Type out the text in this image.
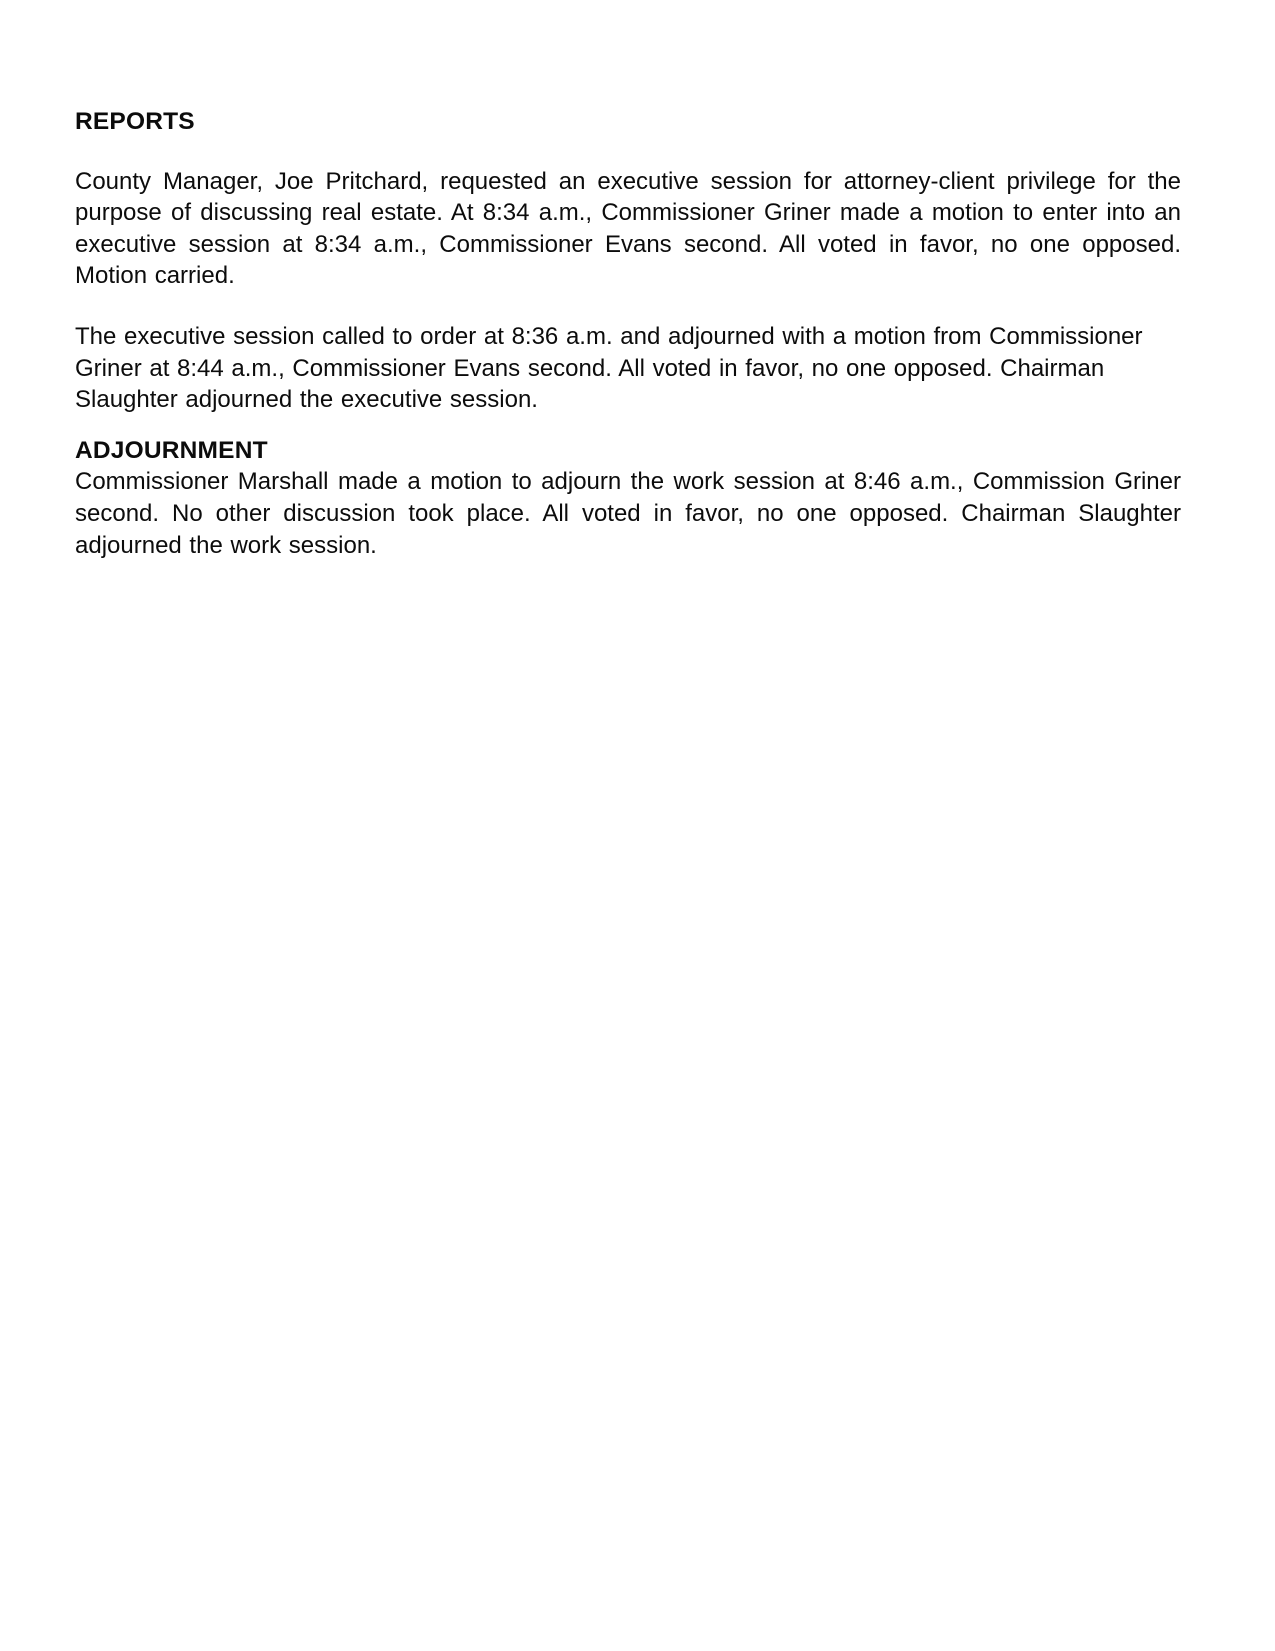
REPORTS

County Manager, Joe Pritchard, requested an executive session for attorney-client privilege for the purpose of discussing real estate. At 8:34 a.m., Commissioner Griner made a motion to enter into an executive session at 8:34 a.m., Commissioner Evans second. All voted in favor, no one opposed. Motion carried.

The executive session called to order at 8:36 a.m. and adjourned with a motion from Commissioner Griner at 8:44 a.m., Commissioner Evans second. All voted in favor, no one opposed. Chairman Slaughter adjourned the executive session.

ADJOURNMENT

Commissioner Marshall made a motion to adjourn the work session at 8:46 a.m., Commission Griner second. No other discussion took place. All voted in favor, no one opposed. Chairman Slaughter adjourned the work session.
